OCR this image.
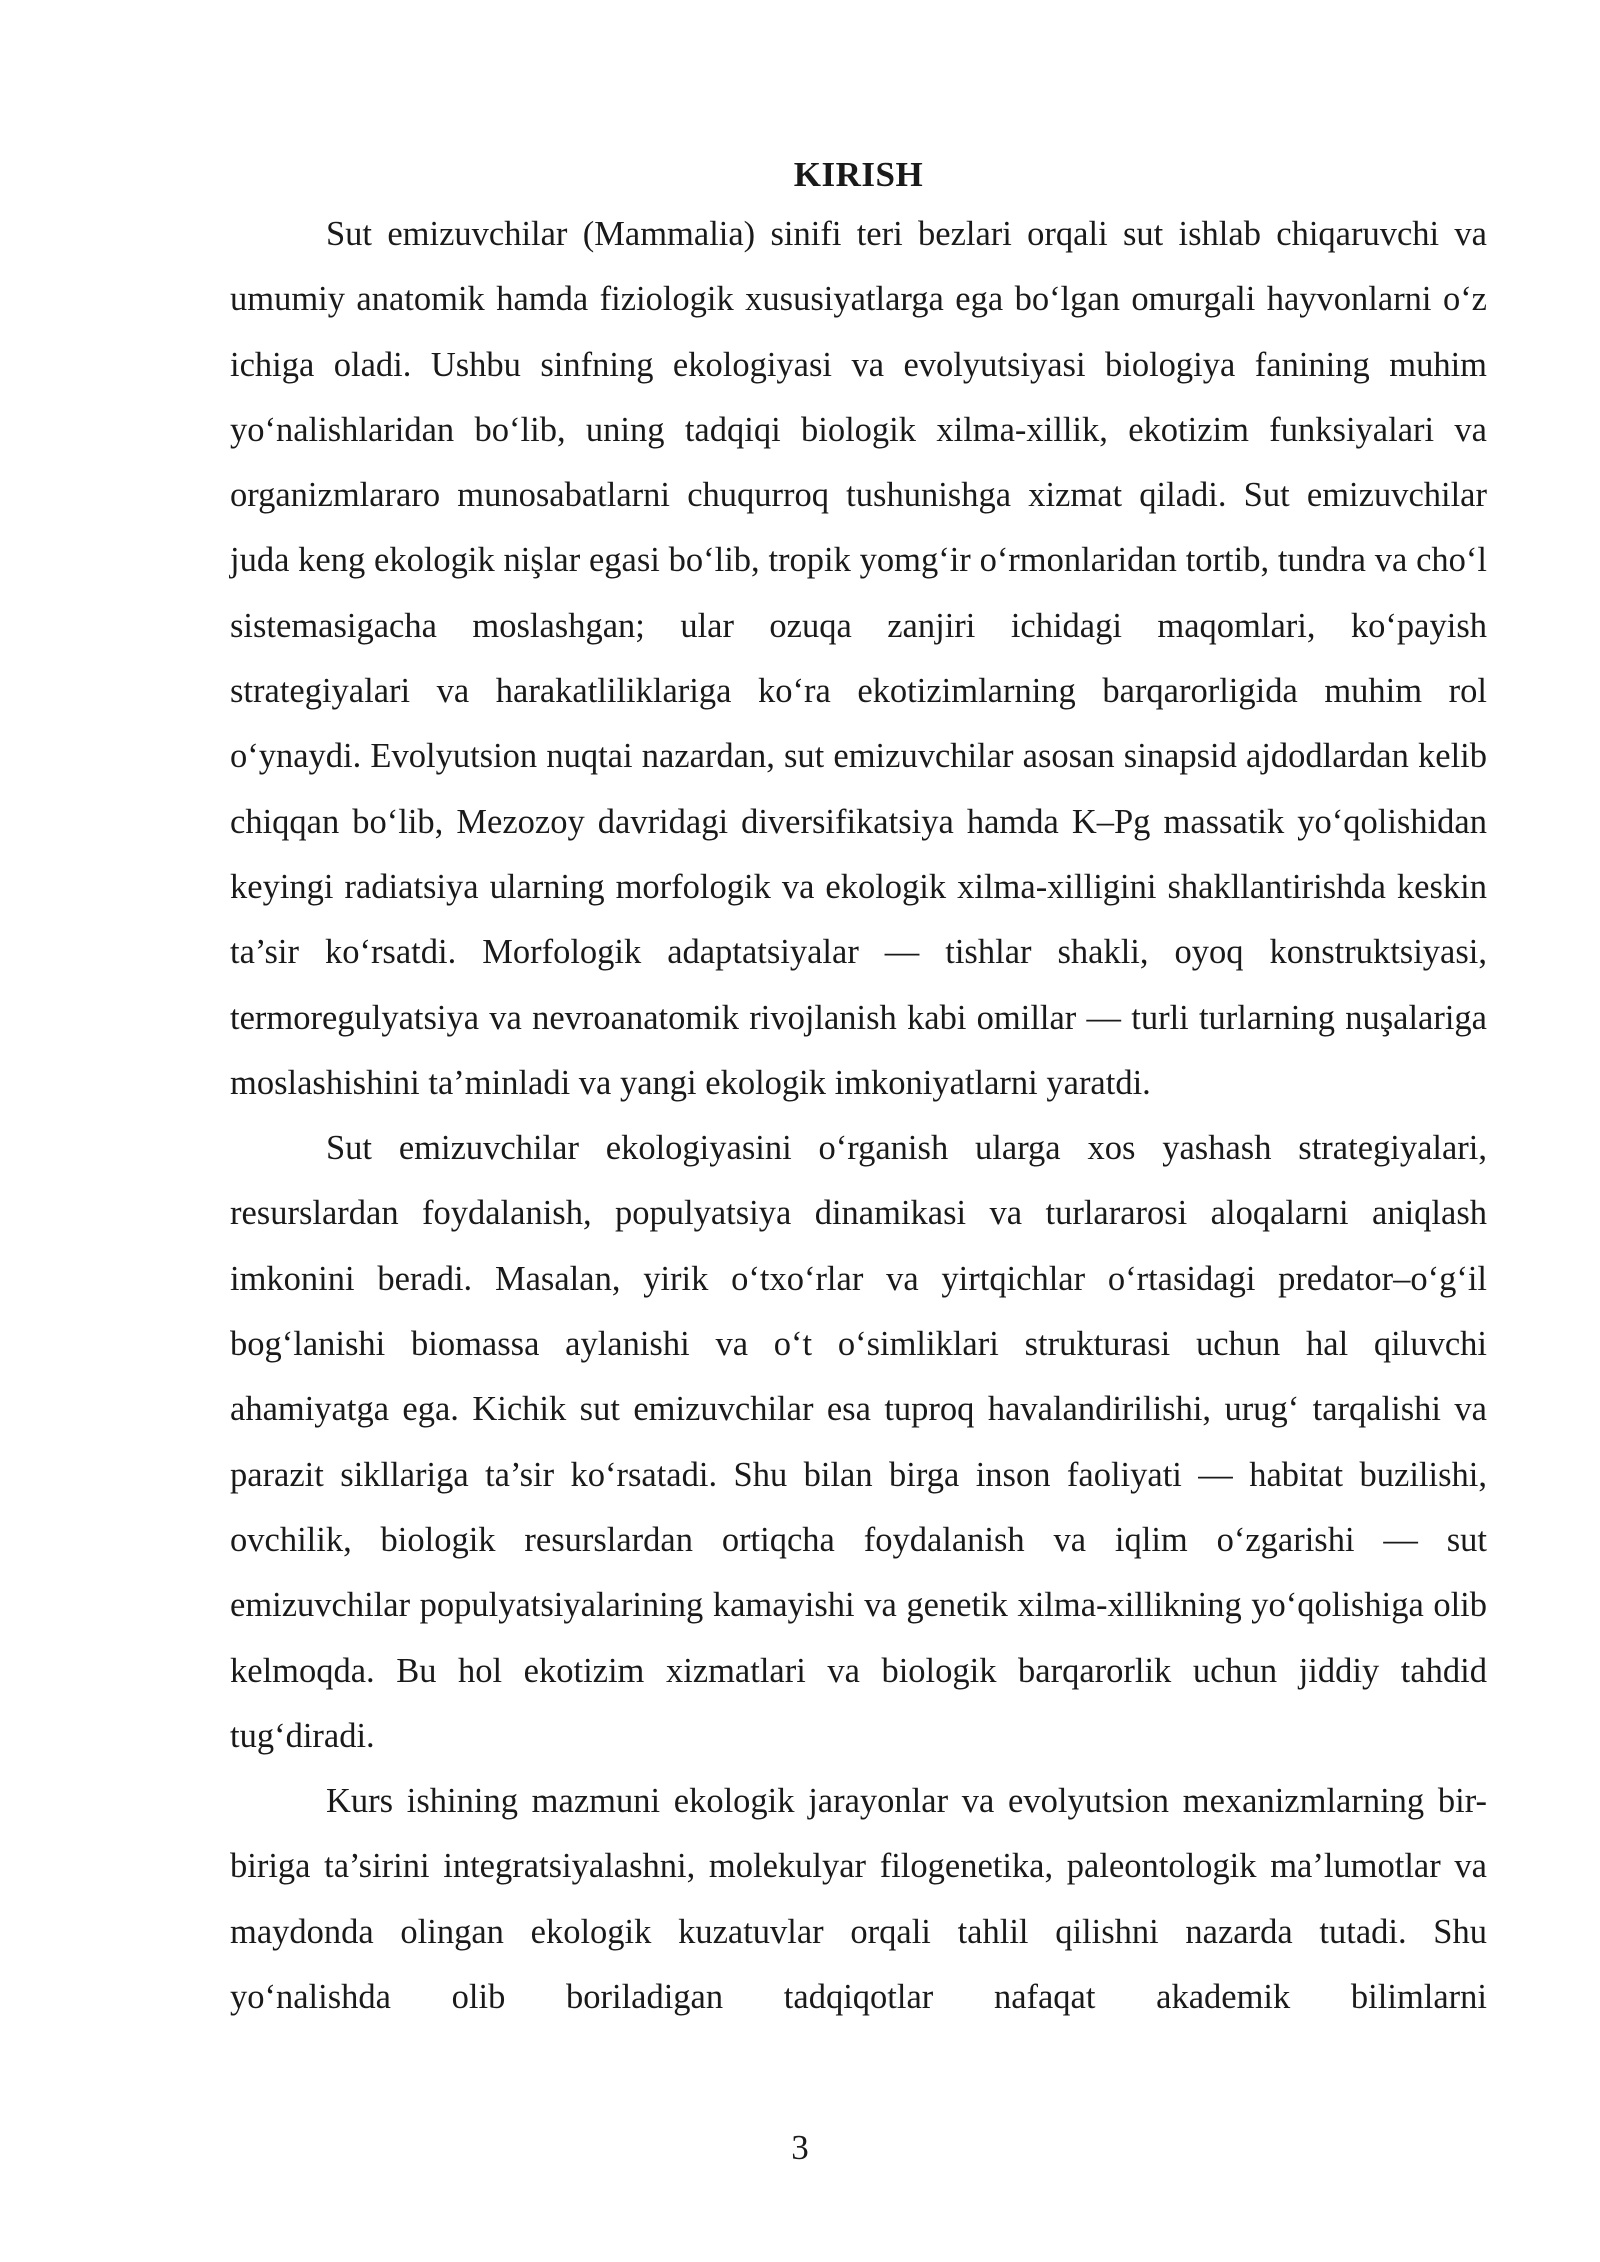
KIRISH

Sut emizuvchilar (Mammalia) sinifi teri bezlari orqali sut ishlab chiqaruvchi va umumiy anatomik hamda fiziologik xususiyatlarga ega bo‘lgan omurgali hayvonlarni o‘z ichiga oladi. Ushbu sinfning ekologiyasi va evolyutsiyasi biologiya fanining muhim yo‘nalishlaridan bo‘lib, uning tadqiqi biologik xilma-xillik, ekotizim funksiyalari va organizmlararo munosabatlarni chuqurroq tushunishga xizmat qiladi. Sut emizuvchilar juda keng ekologik nişlar egasi bo‘lib, tropik yomg‘ir o‘rmonlaridan tortib, tundra va cho‘l sistemasigacha moslashgan; ular ozuqa zanjiri ichidagi maqomlari, ko‘payish strategiyalari va harakatliliklariga ko‘ra ekotizimlarning barqarorligida muhim rol o‘ynaydi. Evolyutsion nuqtai nazardan, sut emizuvchilar asosan sinapsid ajdodlardan kelib chiqqan bo‘lib, Mezozoy davridagi diversifikatsiya hamda K–Pg massatik yo‘qolishidan keyingi radiatsiya ularning morfologik va ekologik xilma-xilligini shakllantirishda keskin ta’sir ko‘rsatdi. Morfologik adaptatsiyalar — tishlar shakli, oyoq konstruktsiyasi, termoregulyatsiya va nevroanatomik rivojlanish kabi omillar — turli turlarning nuşalariga moslashishini ta’minladi va yangi ekologik imkoniyatlarni yaratdi.

Sut emizuvchilar ekologiyasini o‘rganish ularga xos yashash strategiyalari, resurslardan foydalanish, populyatsiya dinamikasi va turlararosi aloqalarni aniqlash imkonini beradi. Masalan, yirik o‘txo‘rlar va yirtqichlar o‘rtasidagi predator–o‘g‘il bog‘lanishi biomassa aylanishi va o‘t o‘simliklari strukturasi uchun hal qiluvchi ahamiyatga ega. Kichik sut emizuvchilar esa tuproq havalandirilishi, urug‘ tarqalishi va parazit sikllariga ta’sir ko‘rsatadi. Shu bilan birga inson faoliyati — habitat buzilishi, ovchilik, biologik resurslardan ortiqcha foydalanish va iqlim o‘zgarishi — sut emizuvchilar populyatsiyalarining kamayishi va genetik xilma-xillikning yo‘qolishiga olib kelmoqda. Bu hol ekotizim xizmatlari va biologik barqarorlik uchun jiddiy tahdid tug‘diradi.

Kurs ishining mazmuni ekologik jarayonlar va evolyutsion mexanizmlarning bir-biriga ta’sirini integratsiyalashni, molekulyar filogenetika, paleontologik ma’lumotlar va maydonda olingan ekologik kuzatuvlar orqali tahlil qilishni nazarda tutadi. Shu yo‘nalishda olib boriladigan tadqiqotlar nafaqat akademik bilimlarni

3
